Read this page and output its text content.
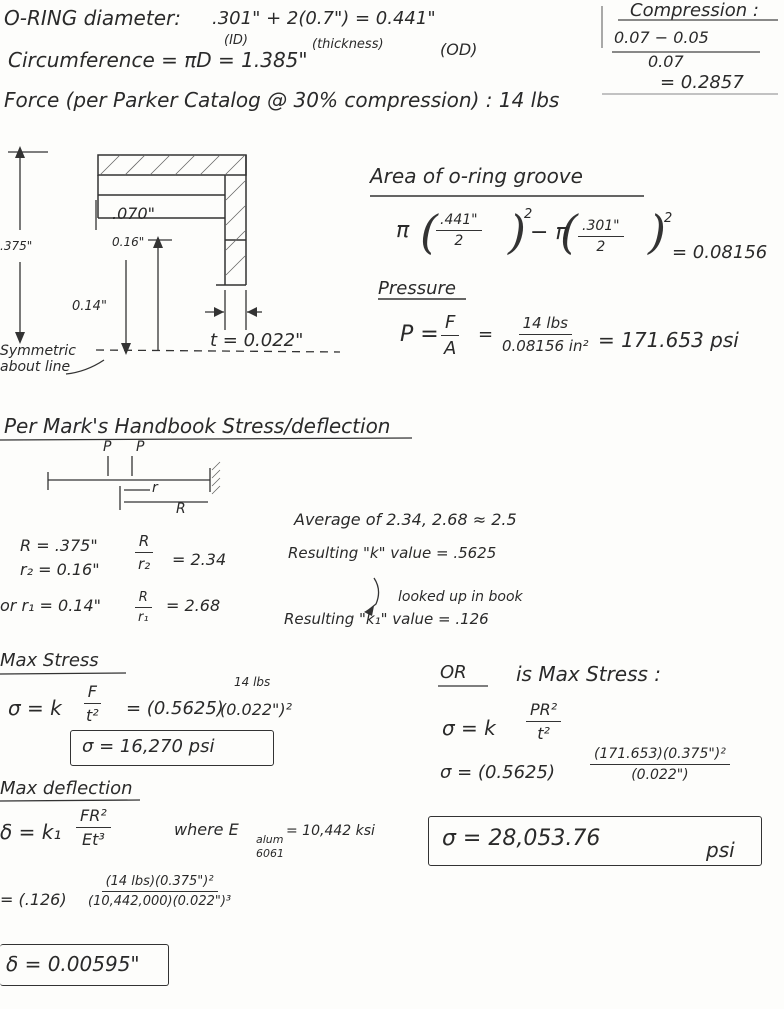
( ) ( )
O-RING diameter: .301" + 2(0.7") = 0.441"
(ID)	(thickness)	(OD)
Circumference = πD = 1.385"
Force (per Parker Catalog @ 30% compression) : 14 lbs
Compression :
0.07 − 0.05
0.07
= 0.2857
.070"
0.16"
.375"
0.14"
t = 0.022"
Symmetric
about line
Area of o-ring groove
π $\frac{.441"}{2}$	2
− π $\frac{.301"}{2}$	2
= 0.08156
Pressure
$P = \frac{F}{A}$ =
14 lbs
0.08156 in² = 171.653 psi
Per Mark's Handbook Stress/deflection
P P
r
R
R = .375"
r₂ = 0.16"
or r₁ = 0.14"
$\frac{R}{\text{r₂}} = 2.34$
$\frac{R}{\text{r₁}} = 2.68$
Average of 2.34, 2.68 ≈ 2.5
Resulting "k" value = .5625
looked up in book
Resulting "k₁" value = .126
Max Stress
σ = k $\frac{F}{\text{t²}}$	14 lbs
= (0.5625)
(0.022")²
σ = 16,270 psi
OR is Max Stress :
σ = k $\frac{\text{PR²}}{\text{t²}}$
σ = (0.5625)	$\frac{\text{(171.653)(0.375")²}}{(0.022")}$
σ = 28,053.76	psi
Max deflection
$\delta = k_1 \frac{\text{FR²}}{\text{Et³}}$	where E
alum
6061
= 10,442 ksi
= (.126)
(14 lbs)(0.375")²
(10,442,000)(0.022")³
δ = 0.00595"
